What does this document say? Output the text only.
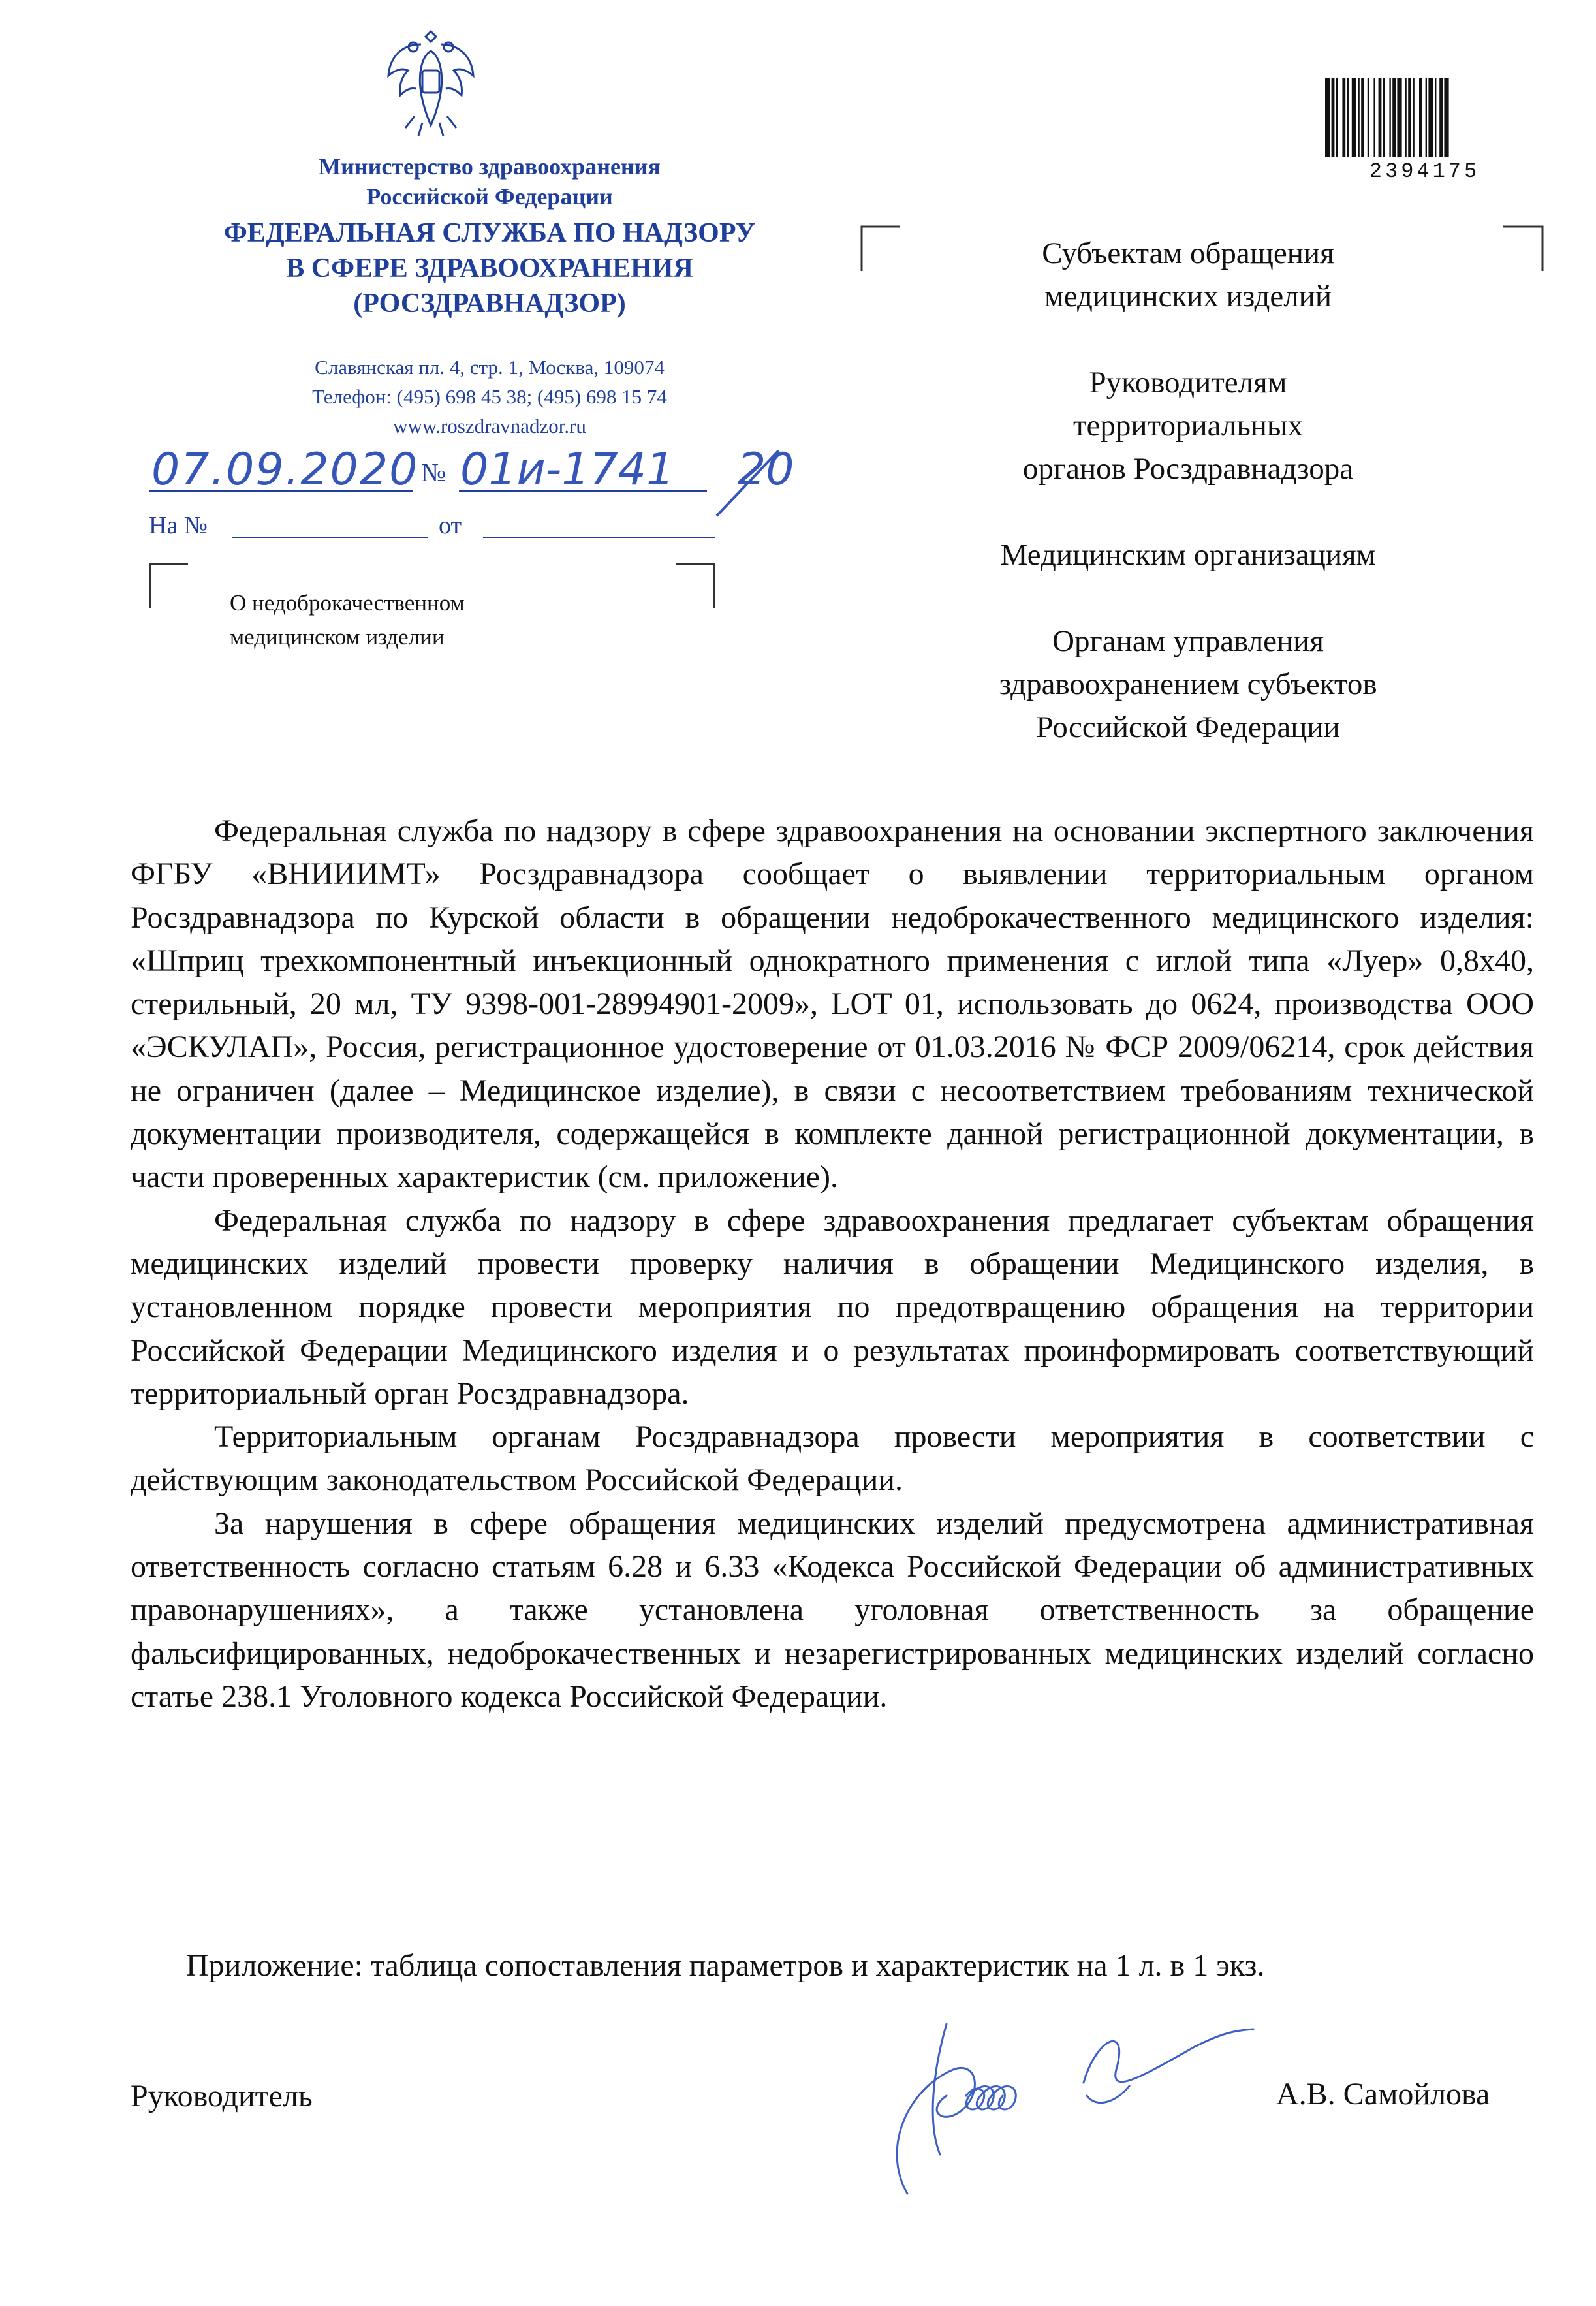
Министерство здравоохранения
Российской Федерации
ФЕДЕРАЛЬНАЯ СЛУЖБА ПО НАДЗОРУ
В СФЕРЕ ЗДРАВООХРАНЕНИЯ
(РОСЗДРАВНАДЗОР)
Славянская пл. 4, стр. 1, Москва, 109074
Телефон: (495) 698 45 38; (495) 698 15 74
www.roszdravnadzor.ru
07.09.2020 № 01и-1741 20
На №	от
О недоброкачественном
медицинском изделии
2394175

Субъектам обращения
медицинских изделий

Руководителям
территориальных
органов Росздравнадзора

Медицинским организациям

Органам управления
здравоохранением субъектов
Российской Федерации

Федеральная служба по надзору в сфере здравоохранения на основании экспертного заключения ФГБУ «ВНИИИМТ» Росздравнадзора сообщает о выявлении территориальным органом Росздравнадзора по Курской области в обращении недоброкачественного медицинского изделия: «Шприц трехкомпонентный инъекционный однократного применения с иглой типа «Луер» 0,8х40, стерильный, 20 мл, ТУ 9398-001-28994901-2009», LOT 01, использовать до 0624, производства ООО «ЭСКУЛАП», Россия, регистрационное удостоверение от 01.03.2016 № ФСР 2009/06214, срок действия не ограничен (далее – Медицинское изделие), в связи с несоответствием требованиям технической документации производителя, содержащейся в комплекте данной регистрационной документации, в части проверенных характеристик (см. приложение).

Федеральная служба по надзору в сфере здравоохранения предлагает субъектам обращения медицинских изделий провести проверку наличия в обращении Медицинского изделия, в установленном порядке провести мероприятия по предотвращению обращения на территории Российской Федерации Медицинского изделия и о результатах проинформировать соответствующий территориальный орган Росздравнадзора.

Территориальным органам Росздравнадзора провести мероприятия в соответствии с действующим законодательством Российской Федерации.

За нарушения в сфере обращения медицинских изделий предусмотрена административная ответственность согласно статьям 6.28 и 6.33 «Кодекса Российской Федерации об административных правонарушениях», а также установлена уголовная ответственность за обращение фальсифицированных, недоброкачественных и незарегистрированных медицинских изделий согласно статье 238.1 Уголовного кодекса Российской Федерации.

Приложение: таблица сопоставления параметров и характеристик на 1 л. в 1 экз.
Руководитель	А.В. Самойлова
